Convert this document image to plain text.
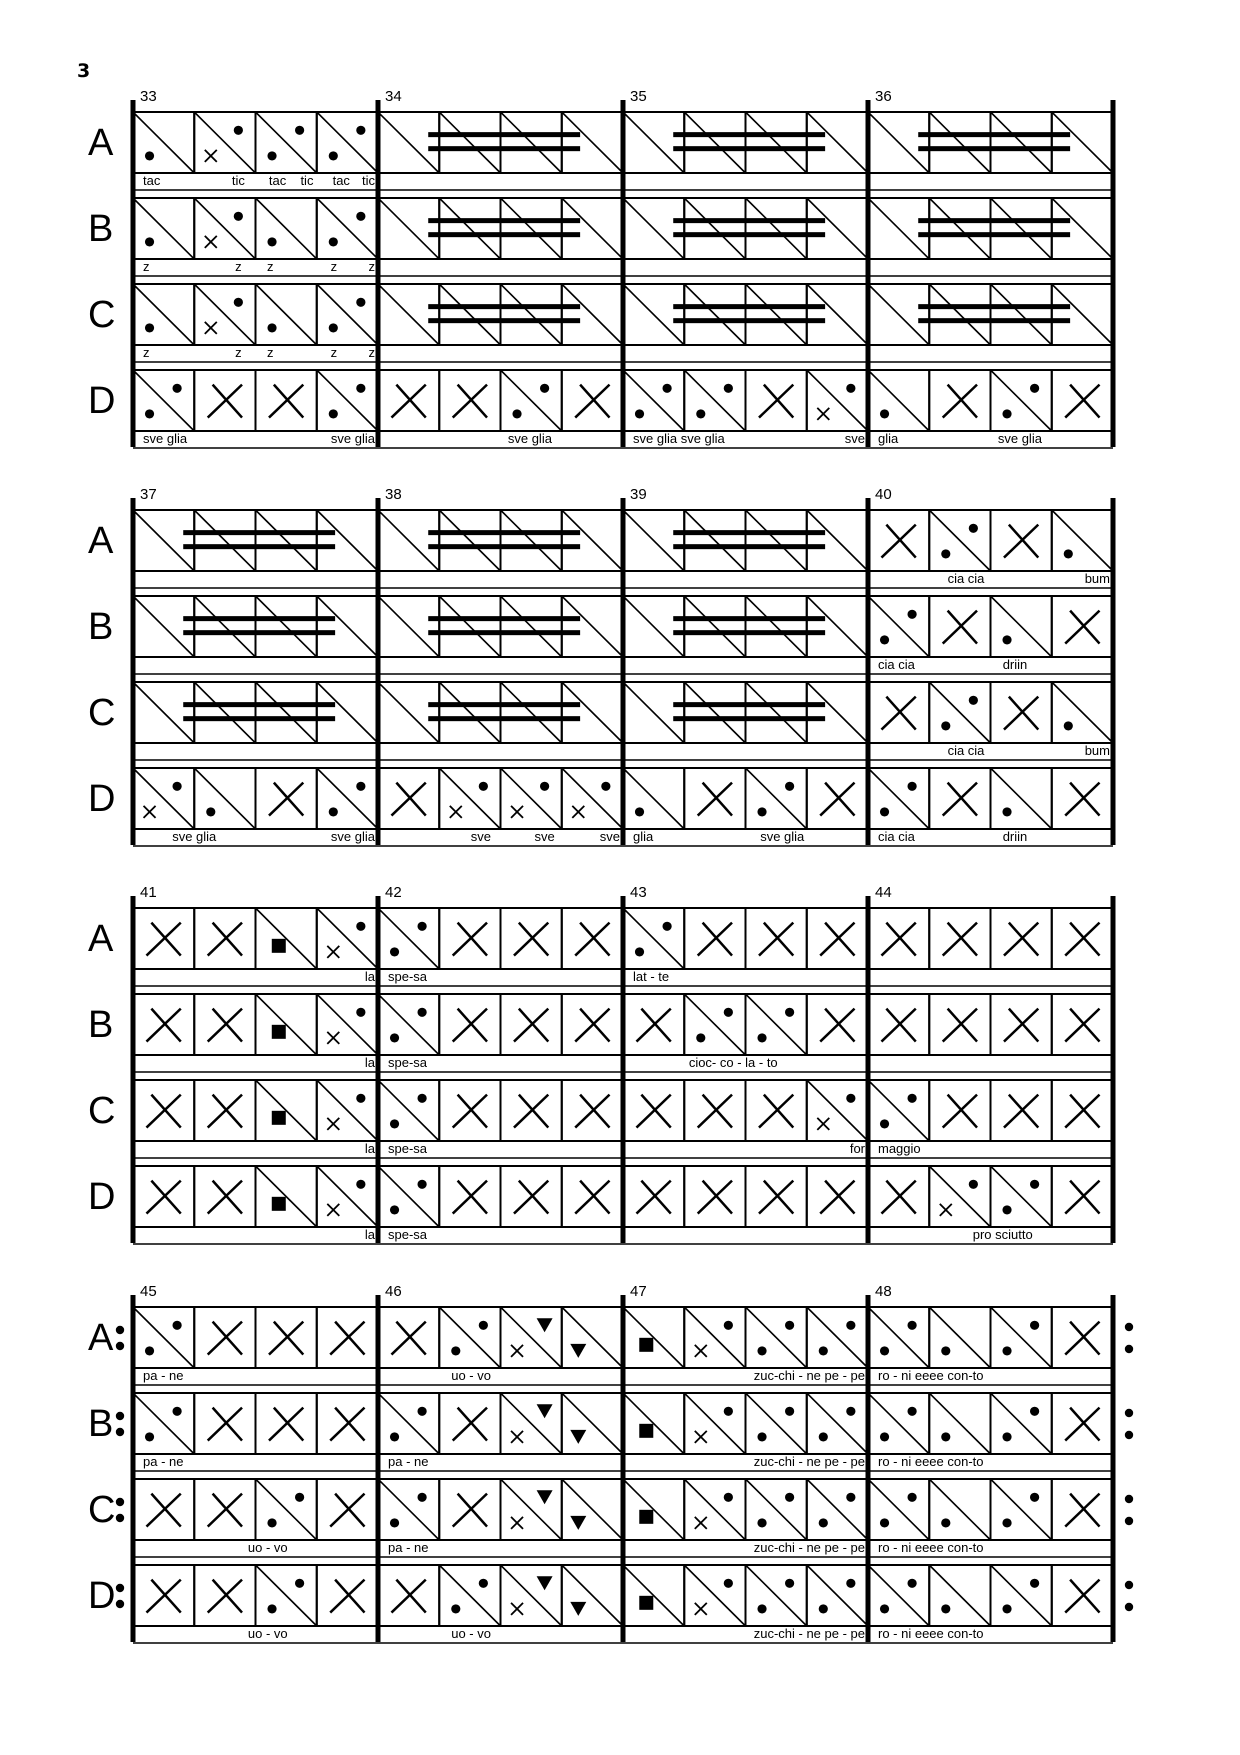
3
33	34	35	36
A
tac	tic tac tic tac tic
B
z	z z	z z
C
z	z z	z z
D
sve glia	sve glia	sve glia	sve glia sve glia	sve glia	sve glia
37	38	39	40
A
cia cia	bum
B
cia cia	driin
C
cia cia	bum
D
sve glia	sve glia	sve	sve	sve glia	sve glia	cia cia	driin
41	42	43	44
A
la spe-sa	lat - te
B
la spe-sa	cioc- co - la - to
C
la spe-sa	for maggio
D
la spe-sa	pro sciutto
45	46	47	48
A
pa - ne	uo - vo	zuc-chi - ne pe - pe ro - ni eeee con-to
B
pa - ne	pa - ne	zuc-chi - ne pe - pe ro - ni eeee con-to
C
uo - vo	pa - ne	zuc-chi - ne pe - pe ro - ni eeee con-to
D
uo - vo	uo - vo	zuc-chi - ne pe - pe ro - ni eeee con-to
